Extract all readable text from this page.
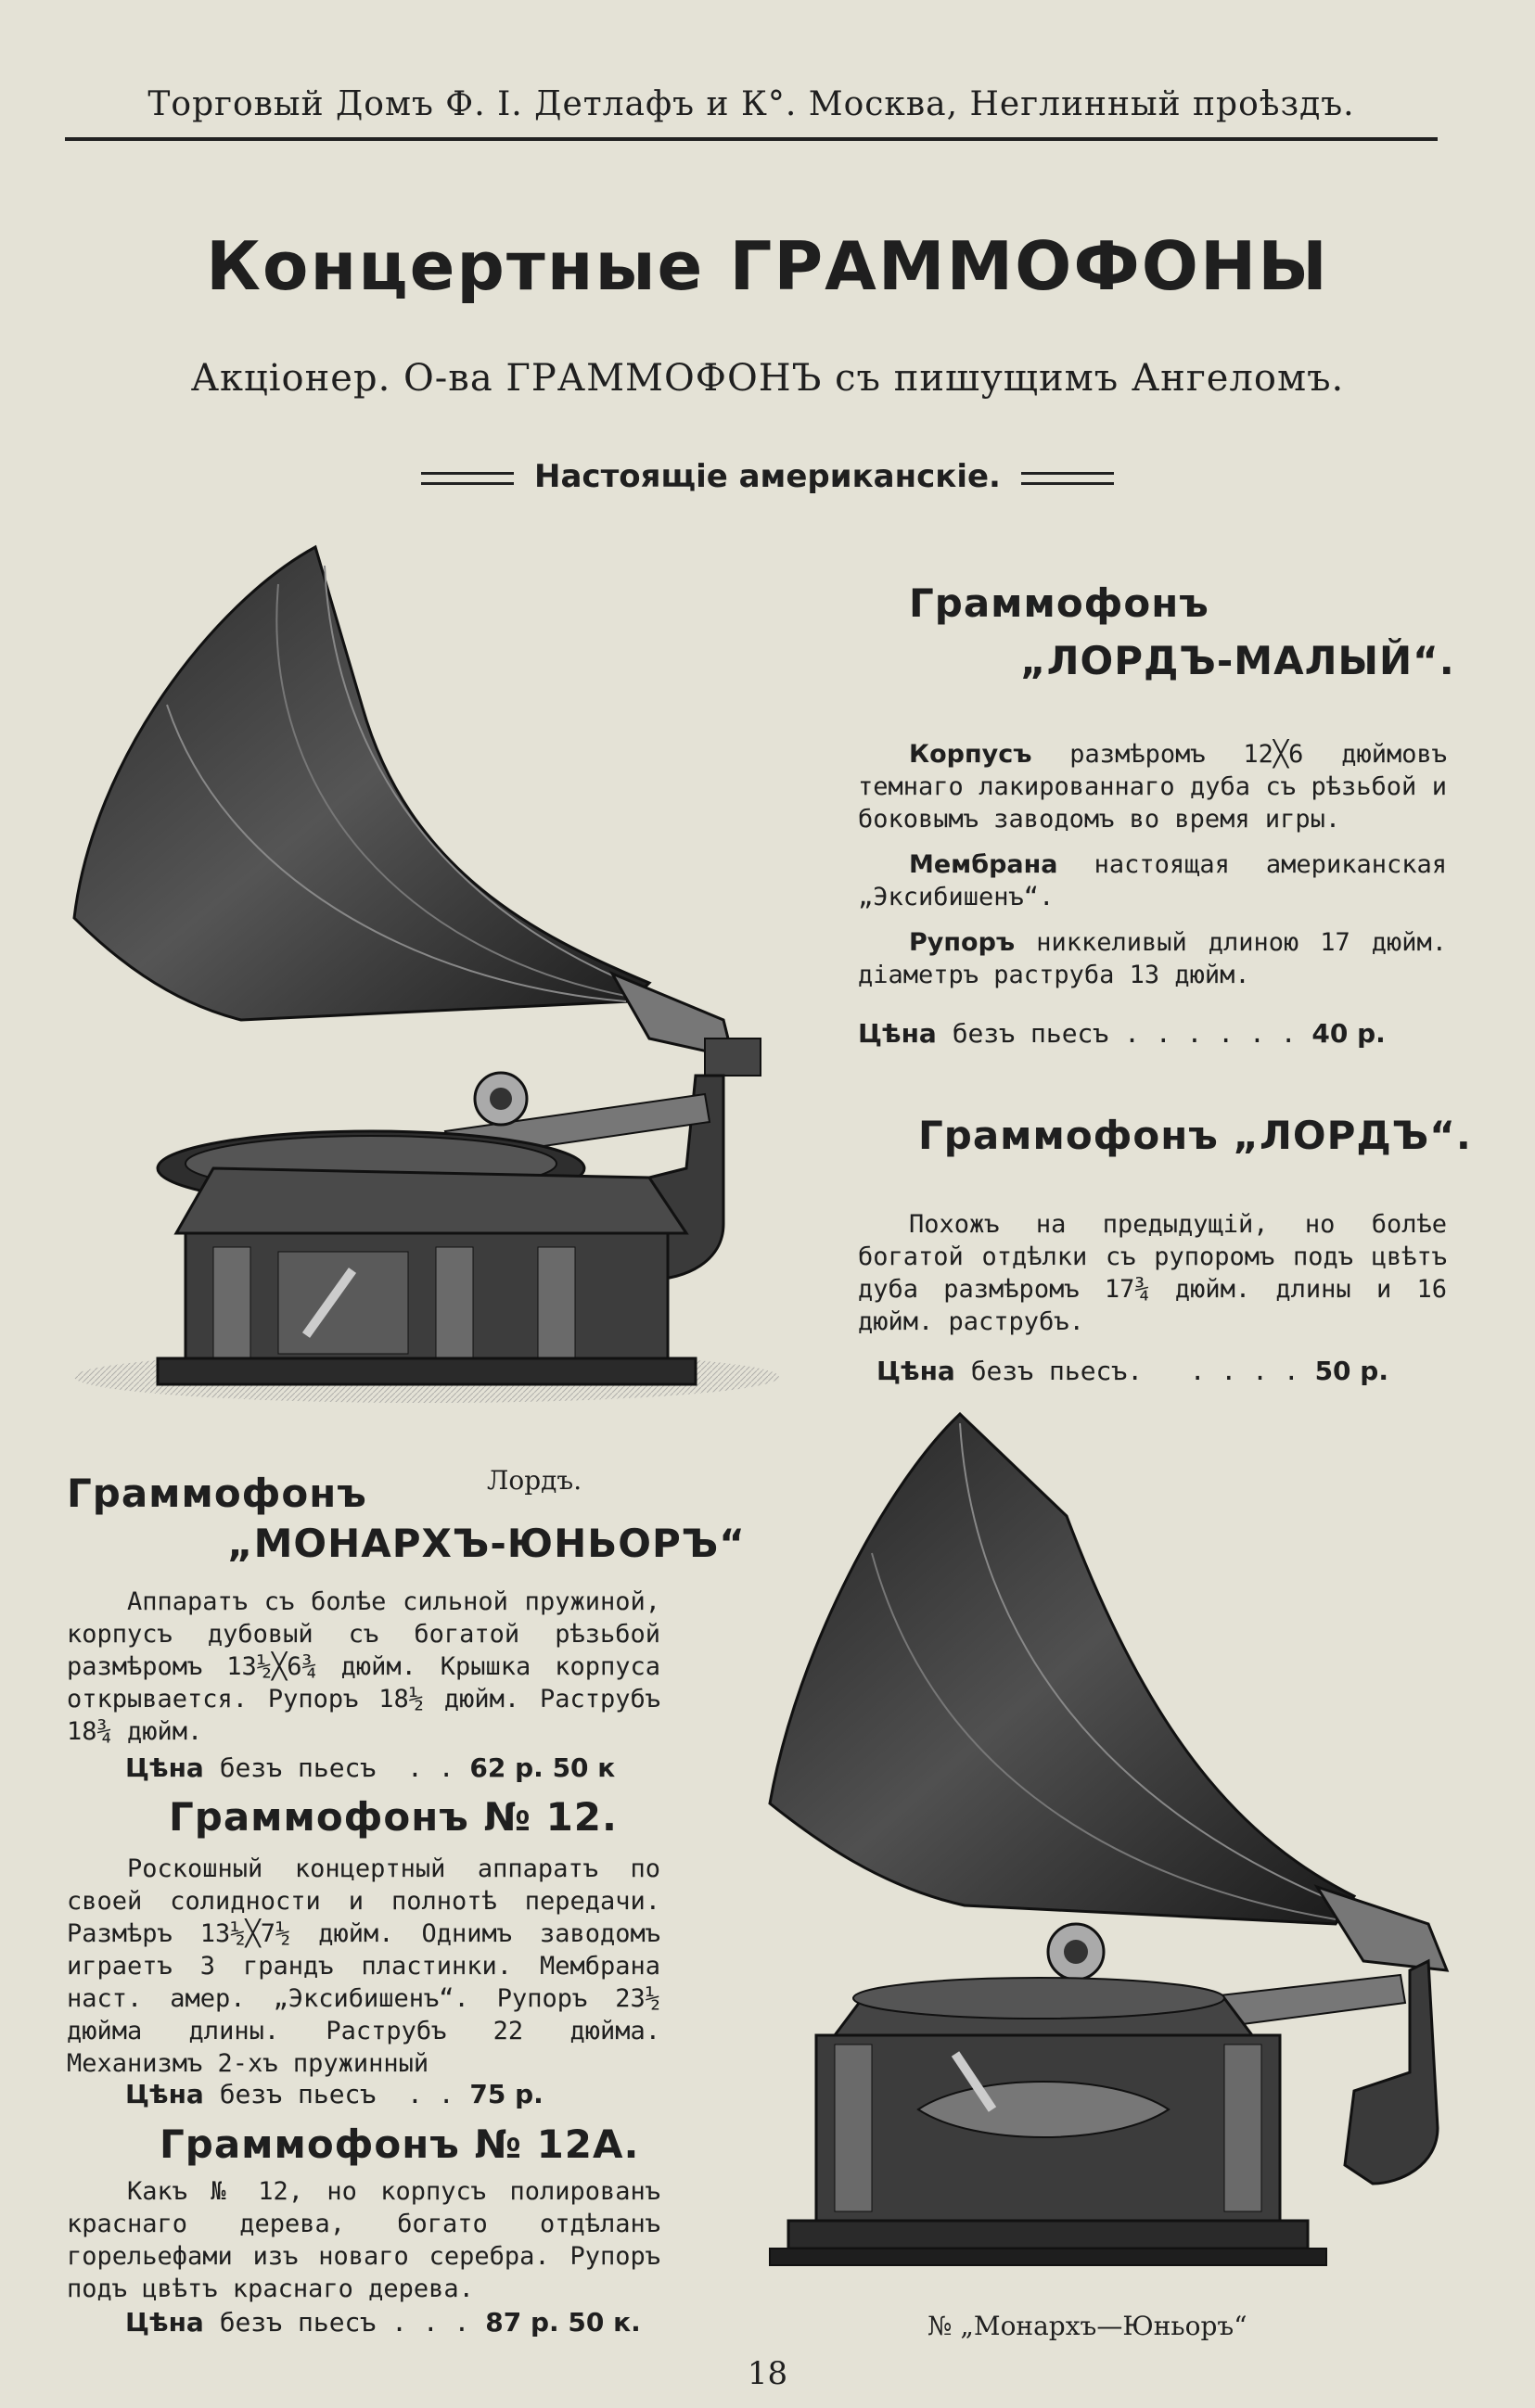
Торговый Домъ Ф. І. Детлафъ и К°. Москва, Неглинный проѣздъ.
Концертные ГРАММОФОНЫ
Акціонер. О-ва ГРАММОФОНЪ съ пишущимъ Ангеломъ.
Настоящіе американскіе.
Граммофонъ
„ЛОРДЪ-МАЛЫЙ“.

Корпусъ размѣромъ 12╳6 дюймовъ темнаго лакированнаго дуба съ рѣзьбой и боковымъ заводомъ во время игры.

Мембрана настоящая американская „Эксибишенъ“.

Рупоръ никкеливый длиною 17 дюйм. діаметръ раструба 13 дюйм.

Цѣна безъ пьесъ . . . . . . 40 р.
Граммофонъ „ЛОРДЪ“.
Похожъ на предыдущій, но болѣе богатой отдѣлки съ рупоромъ подъ цвѣтъ дуба размѣромъ 17¾ дюйм. длины и 16 дюйм. раструбъ.
Цѣна безъ пьесъ.   . . . . 50 р.
Лордъ.
Граммофонъ
„МОНАРХЪ-ЮНЬОРЪ“
Аппаратъ съ болѣе сильной пружиной, корпусъ дубовый съ богатой рѣзьбой размѣромъ 13½╳6¾ дюйм. Крышка корпуса открывается. Рупоръ 18½ дюйм. Раструбъ 18¾ дюйм.
Цѣна безъ пьесъ  . . 62 р. 50 к
Граммофонъ № 12.
Роскошный концертный аппаратъ по своей солидности и полнотѣ передачи. Размѣръ 13½╳7½ дюйм. Однимъ заводомъ играетъ 3 грандъ пластинки. Мембрана наст. амер. „Эксибишенъ“. Рупоръ 23½ дюйма длины. Раструбъ 22 дюйма. Механизмъ 2-хъ пружинный
Цѣна безъ пьесъ  . . 75 р.
Граммофонъ № 12А.
Какъ № 12, но корпусъ полированъ краснаго дерева, богато отдѣланъ горельефами изъ новаго серебра. Рупоръ подъ цвѣтъ краснаго дерева.
Цѣна безъ пьесъ . . . 87 р. 50 к.	№ „Монархъ—Юньоръ“
18
